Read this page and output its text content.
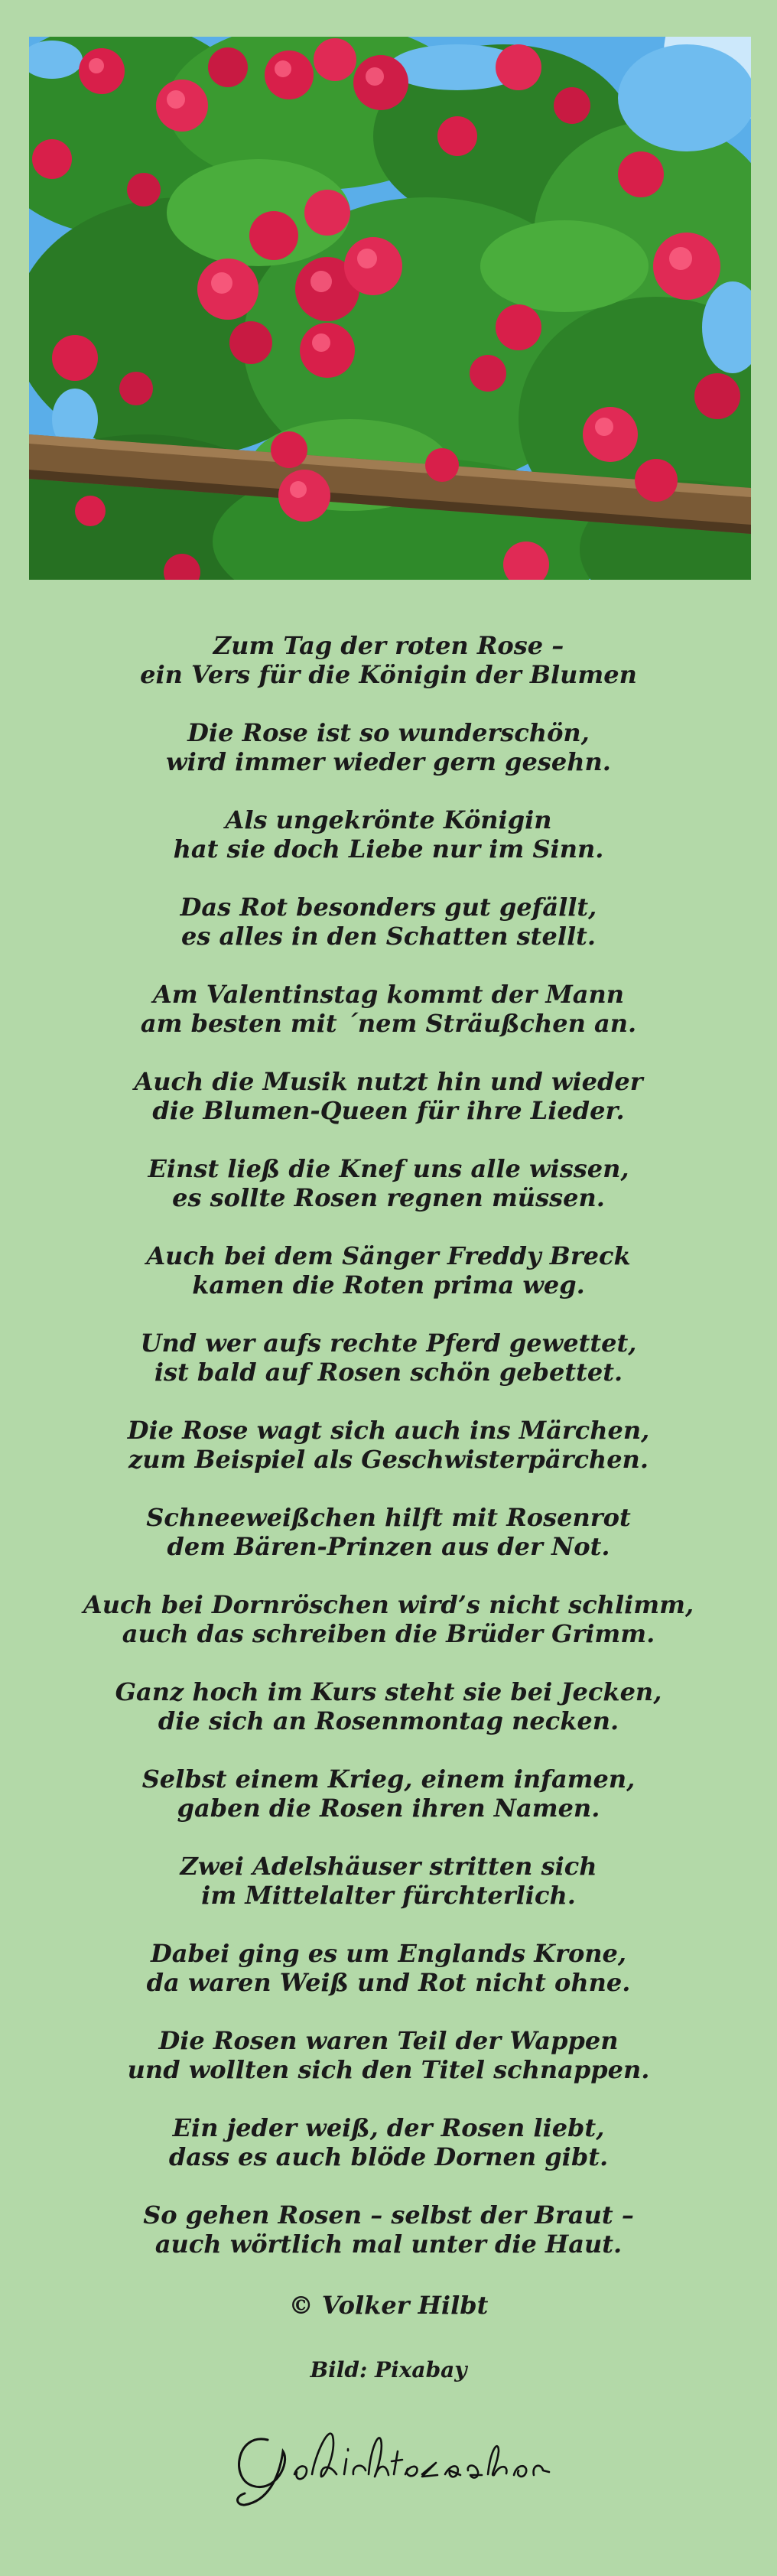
Zum Tag der roten Rose –
ein Vers für die Königin der Blumen

Die Rose ist so wunderschön,
wird immer wieder gern gesehn.

Als ungekrönte Königin
hat sie doch Liebe nur im Sinn.

Das Rot besonders gut gefällt,
es alles in den Schatten stellt.

Am Valentinstag kommt der Mann
am besten mit ´nem Sträußchen an.

Auch die Musik nutzt hin und wieder
die Blumen-Queen für ihre Lieder.

Einst ließ die Knef uns alle wissen,
es sollte Rosen regnen müssen.

Auch bei dem Sänger Freddy Breck
kamen die Roten prima weg.

Und wer aufs rechte Pferd gewettet,
ist bald auf Rosen schön gebettet.

Die Rose wagt sich auch ins Märchen,
zum Beispiel als Geschwisterpärchen.

Schneeweißchen hilft mit Rosenrot
dem Bären-Prinzen aus der Not.

Auch bei Dornröschen wird’s nicht schlimm,
auch das schreiben die Brüder Grimm.

Ganz hoch im Kurs steht sie bei Jecken,
die sich an Rosenmontag necken.

Selbst einem Krieg, einem infamen,
gaben die Rosen ihren Namen.

Zwei Adelshäuser stritten sich
im Mittelalter fürchterlich.

Dabei ging es um Englands Krone,
da waren Weiß und Rot nicht ohne.

Die Rosen waren Teil der Wappen
und wollten sich den Titel schnappen.

Ein jeder weiß, der Rosen liebt,
dass es auch blöde Dornen gibt.

So gehen Rosen – selbst der Braut –
auch wörtlich mal unter die Haut.

© Volker Hilbt
Bild: Pixabay
